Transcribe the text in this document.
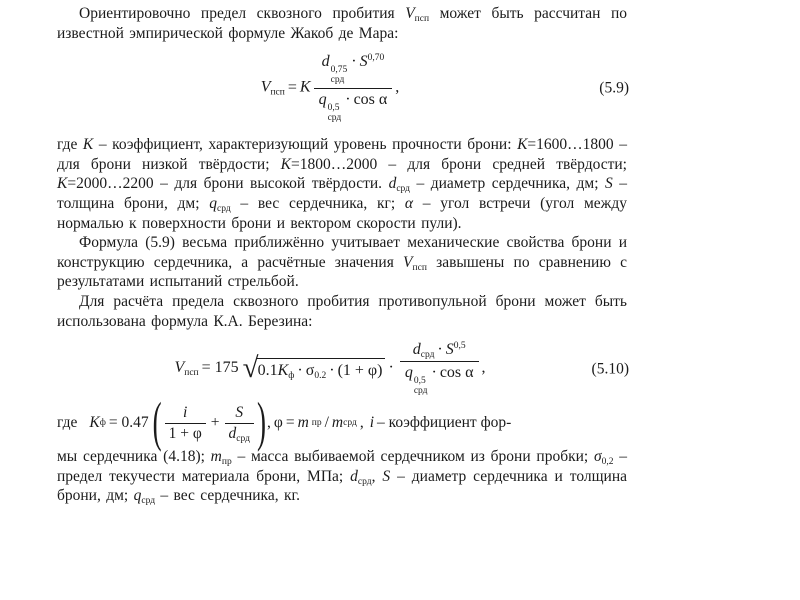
Ориентировочно предел сквозного пробития $V_{псп}$ может быть рассчитан по известной эмпирической формуле Жакоб де Мара:

$V_{псп} = K$ d 0,75
срд
· S$^{0,70}$
q 0,5
срд
· cos α ,	(5.9)

где K – коэффициент, характеризующий уровень прочности брони: K=1600…1800 – для брони низкой твёрдости; K=1800…2000 – для брони средней твёрдости; K=2000…2200 – для брони высокой твёрдости. $d_{срд}$ – диаметр сердечника, дм; S – толщина брони, дм; $q_{срд}$ – вес сердечника, кг; α – угол встречи (угол между нормалью к поверхности брони и вектором скорости пули).

Формула (5.9) весьма приближённо учитывает механические свойства брони и конструкцию сердечника, а расчётные значения $V_{псп}$ завышены по сравнению с результатами испытаний стрельбой.

Для расчёта предела сквозного пробития противопульной брони может быть использована формула К.А. Березина:

$V_{псп} = 175$ √ $0.1K_ф \cdot \sigma_{0.2} \cdot (1 + \varphi) \cdot d_{срд} \cdot S^{0,5}$
q 0,5
срд
· cos α ,	(5.10)
где K ф = 0.47 ( $\frac{i}{1 + \varphi} + \frac{S}{d_{срд}}$ ) , φ = m пр / m срд , i – коэффициент фор-

мы сердечника (4.18); $m_{пр}$ – масса выбиваемой сердечником из брони пробки; $\sigma_{0,2}$ – предел текучести материала брони, МПа; $d_{срд}$, S – диаметр сердечника и толщина брони, дм; $q_{срд}$ – вес сердечника, кг.
